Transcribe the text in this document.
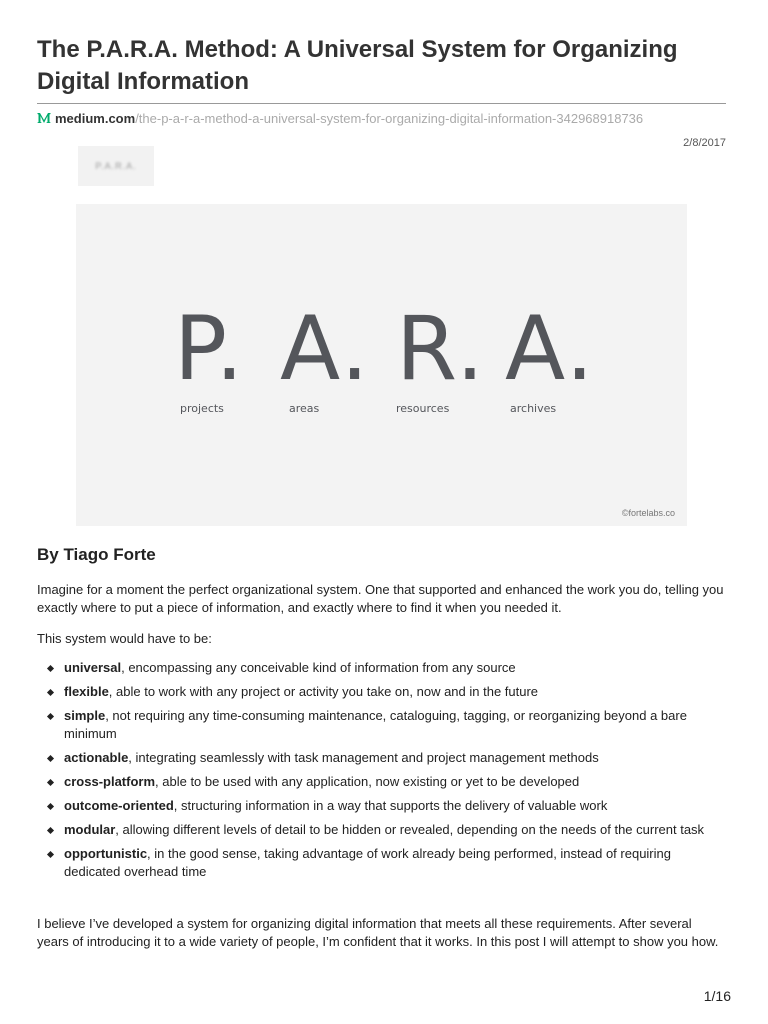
The P.A.R.A. Method: A Universal System for Organizing Digital Information
medium.com /the-p-a-r-a-method-a-universal-system-for-organizing-digital-information-342968918736
2/8/2017
P.A.R.A.
P. A. R. A.
projects	areas	resources	archives
©fortelabs.co
By Tiago Forte

Imagine for a moment the perfect organizational system. One that supported and enhanced the work you do, telling you exactly where to put a piece of information, and exactly where to find it when you needed it.

This system would have to be:

universal, encompassing any conceivable kind of information from any source
flexible, able to work with any project or activity you take on, now and in the future
simple, not requiring any time-consuming maintenance, cataloguing, tagging, or reorganizing beyond a bare minimum
actionable, integrating seamlessly with task management and project management methods
cross-platform, able to be used with any application, now existing or yet to be developed
outcome-oriented, structuring information in a way that supports the delivery of valuable work
modular, allowing different levels of detail to be hidden or revealed, depending on the needs of the current task
opportunistic, in the good sense, taking advantage of work already being performed, instead of requiring dedicated overhead time

I believe I’ve developed a system for organizing digital information that meets all these requirements. After several years of introducing it to a wide variety of people, I’m confident that it works. In this post I will attempt to show you how.

1/16
